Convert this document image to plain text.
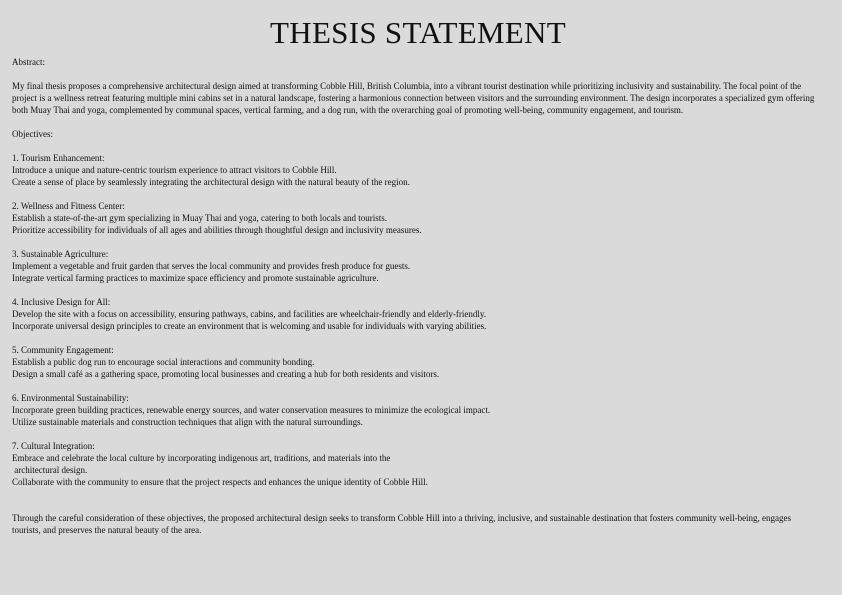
THESIS STATEMENT

Abstract:

My final thesis proposes a comprehensive architectural design aimed at transforming Cobble Hill, British Columbia, into a vibrant tourist destination while prioritizing inclusivity and sustainability. The focal point of the project is a wellness retreat featuring multiple mini cabins set in a natural landscape, fostering a harmonious connection between visitors and the surrounding environment. The design incorporates a specialized gym offering both Muay Thai and yoga, complemented by communal spaces, vertical farming, and a dog run, with the overarching goal of promoting well-being, community engagement, and tourism.

Objectives:

1. Tourism Enhancement:
Introduce a unique and nature-centric tourism experience to attract visitors to Cobble Hill.
Create a sense of place by seamlessly integrating the architectural design with the natural beauty of the region.
2. Wellness and Fitness Center:
Establish a state-of-the-art gym specializing in Muay Thai and yoga, catering to both locals and tourists.
Prioritize accessibility for individuals of all ages and abilities through thoughtful design and inclusivity measures.
3. Sustainable Agriculture:
Implement a vegetable and fruit garden that serves the local community and provides fresh produce for guests.
Integrate vertical farming practices to maximize space efficiency and promote sustainable agriculture.
4. Inclusive Design for All:
Develop the site with a focus on accessibility, ensuring pathways, cabins, and facilities are wheelchair-friendly and elderly-friendly.
Incorporate universal design principles to create an environment that is welcoming and usable for individuals with varying abilities.
5. Community Engagement:
Establish a public dog run to encourage social interactions and community bonding.
Design a small café as a gathering space, promoting local businesses and creating a hub for both residents and visitors.
6. Environmental Sustainability:
Incorporate green building practices, renewable energy sources, and water conservation measures to minimize the ecological impact.
Utilize sustainable materials and construction techniques that align with the natural surroundings.
7. Cultural Integration:
Embrace and celebrate the local culture by incorporating indigenous art, traditions, and materials into the
architectural design.
Collaborate with the community to ensure that the project respects and enhances the unique identity of Cobble Hill.

Through the careful consideration of these objectives, the proposed architectural design seeks to transform Cobble Hill into a thriving, inclusive, and sustainable destination that fosters community well-being, engages tourists, and preserves the natural beauty of the area.
